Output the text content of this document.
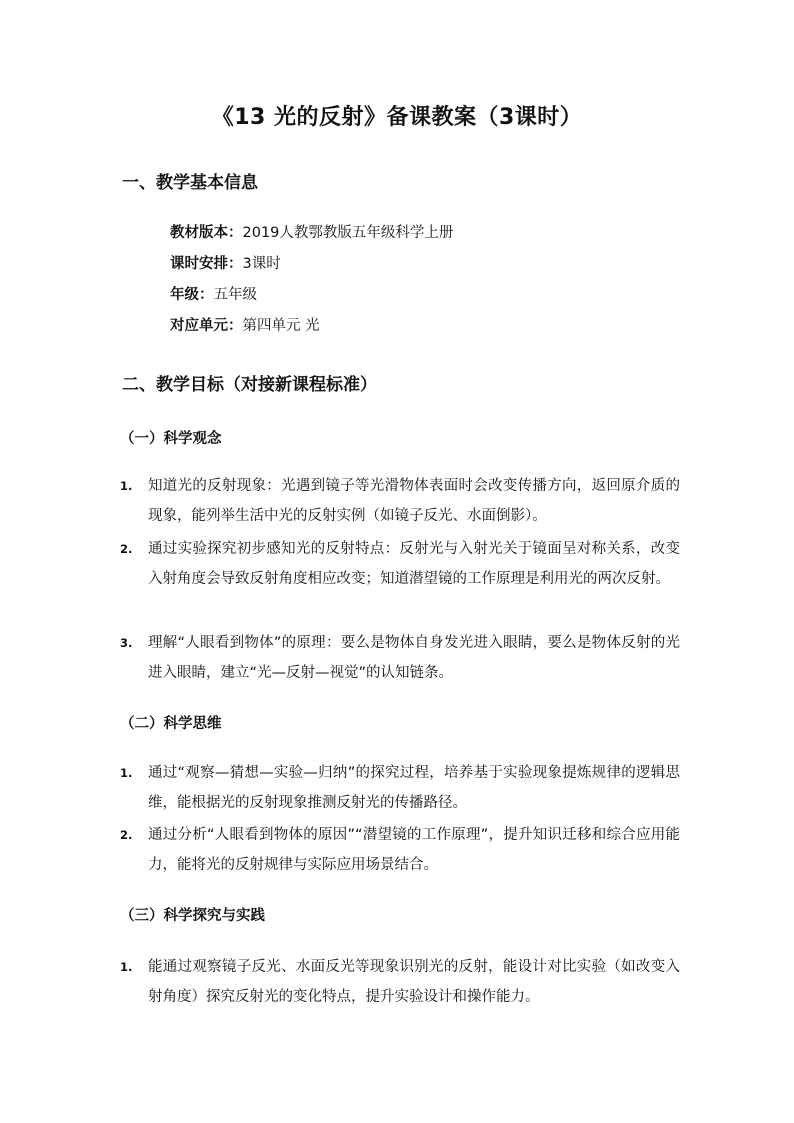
《13 光的反射》备课教案（3课时）
一、教学基本信息
教材版本：2019人教鄂教版五年级科学上册
课时安排：3课时
年级：五年级
对应单元：第四单元 光
二、教学目标（对接新课程标准）
（一）科学观念
1.	知道光的反射现象：光遇到镜子等光滑物体表面时会改变传播方向，返回原介质的现象，能列举生活中光的反射实例（如镜子反光、水面倒影）。
2.	通过实验探究初步感知光的反射特点：反射光与入射光关于镜面呈对称关系，改变入射角度会导致反射角度相应改变；知道潜望镜的工作原理是利用光的两次反射。
3.	理解“人眼看到物体”的原理：要么是物体自身发光进入眼睛，要么是物体反射的光进入眼睛，建立“光—反射—视觉”的认知链条。
（二）科学思维
1.	通过“观察—猜想—实验—归纳”的探究过程，培养基于实验现象提炼规律的逻辑思维，能根据光的反射现象推测反射光的传播路径。
2.	通过分析“人眼看到物体的原因”“潜望镜的工作原理”，提升知识迁移和综合应用能力，能将光的反射规律与实际应用场景结合。
（三）科学探究与实践
1.	能通过观察镜子反光、水面反光等现象识别光的反射，能设计对比实验（如改变入射角度）探究反射光的变化特点，提升实验设计和操作能力。
